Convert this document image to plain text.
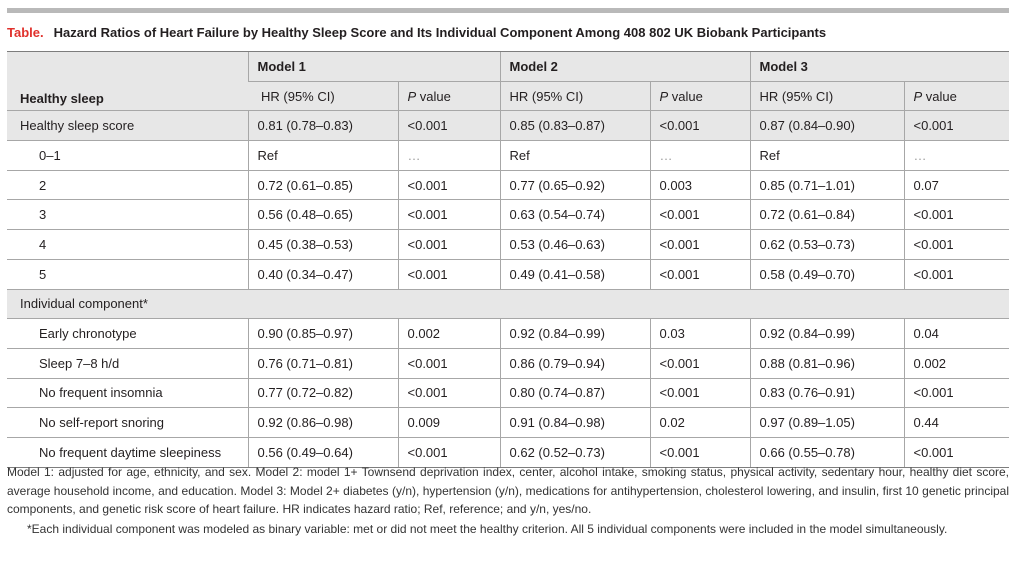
Table. Hazard Ratios of Heart Failure by Healthy Sleep Score and Its Individual Component Among 408 802 UK Biobank Participants
Healthy sleep	Model 1		Model 2		Model 3	
	HR (95% CI)	P value	HR (95% CI)	P value	HR (95% CI)	P value
Healthy sleep score	0.81 (0.78–0.83)	<0.001	0.85 (0.83–0.87)	<0.001	0.87 (0.84–0.90)	<0.001
0–1	Ref	…	Ref	…	Ref	…
2	0.72 (0.61–0.85)	<0.001	0.77 (0.65–0.92)	0.003	0.85 (0.71–1.01)	0.07
3	0.56 (0.48–0.65)	<0.001	0.63 (0.54–0.74)	<0.001	0.72 (0.61–0.84)	<0.001
4	0.45 (0.38–0.53)	<0.001	0.53 (0.46–0.63)	<0.001	0.62 (0.53–0.73)	<0.001
5	0.40 (0.34–0.47)	<0.001	0.49 (0.41–0.58)	<0.001	0.58 (0.49–0.70)	<0.001
Individual component*						
Early chronotype	0.90 (0.85–0.97)	0.002	0.92 (0.84–0.99)	0.03	0.92 (0.84–0.99)	0.04
Sleep 7–8 h/d	0.76 (0.71–0.81)	<0.001	0.86 (0.79–0.94)	<0.001	0.88 (0.81–0.96)	0.002
No frequent insomnia	0.77 (0.72–0.82)	<0.001	0.80 (0.74–0.87)	<0.001	0.83 (0.76–0.91)	<0.001
No self-report snoring	0.92 (0.86–0.98)	0.009	0.91 (0.84–0.98)	0.02	0.97 (0.89–1.05)	0.44
No frequent daytime sleepiness	0.56 (0.49–0.64)	<0.001	0.62 (0.52–0.73)	<0.001	0.66 (0.55–0.78)	<0.001

Model 1: adjusted for age, ethnicity, and sex. Model 2: model 1+ Townsend deprivation index, center, alcohol intake, smoking status, physical activity, sedentary hour, healthy diet score, average household income, and education. Model 3: Model 2+ diabetes (y/n), hypertension (y/n), medications for antihypertension, cholesterol lowering, and insulin, first 10 genetic principal components, and genetic risk score of heart failure. HR indicates hazard ratio; Ref, reference; and y/n, yes/no.

*Each individual component was modeled as binary variable: met or did not meet the healthy criterion. All 5 individual components were included in the model simultaneously.
